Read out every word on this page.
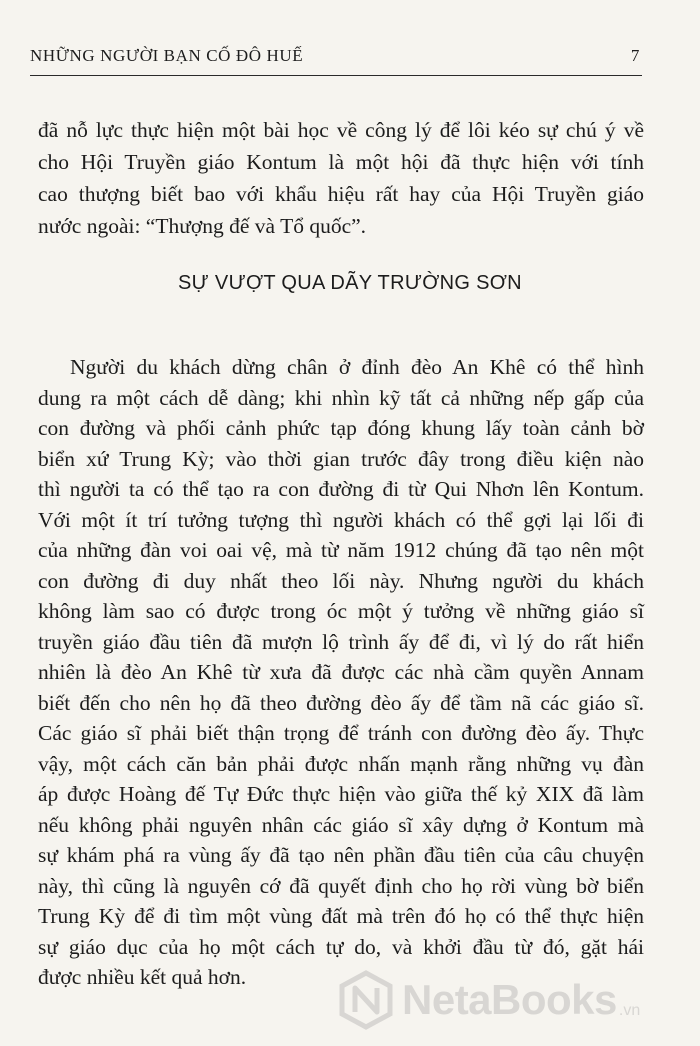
NHỮNG NGƯỜI BẠN CỐ ĐÔ HUẾ	7
đã nỗ lực thực hiện một bài học về công lý để lôi kéo sự chú ý về
cho Hội Truyền giáo Kontum là một hội đã thực hiện với tính
cao thượng biết bao với khẩu hiệu rất hay của Hội Truyền giáo
nước ngoài: “Thượng đế và Tổ quốc”.
SỰ VƯỢT QUA DÃY TRƯỜNG SƠN
Người du khách dừng chân ở đỉnh đèo An Khê có thể hình
dung ra một cách dễ dàng; khi nhìn kỹ tất cả những nếp gấp của
con đường và phối cảnh phức tạp đóng khung lấy toàn cảnh bờ
biển xứ Trung Kỳ; vào thời gian trước đây trong điều kiện nào
thì người ta có thể tạo ra con đường đi từ Qui Nhơn lên Kontum.
Với một ít trí tưởng tượng thì người khách có thể gợi lại lối đi
của những đàn voi oai vệ, mà từ năm 1912 chúng đã tạo nên một
con đường đi duy nhất theo lối này. Nhưng người du khách
không làm sao có được trong óc một ý tưởng về những giáo sĩ
truyền giáo đầu tiên đã mượn lộ trình ấy để đi, vì lý do rất hiển
nhiên là đèo An Khê từ xưa đã được các nhà cầm quyền Annam
biết đến cho nên họ đã theo đường đèo ấy để tầm nã các giáo sĩ.
Các giáo sĩ phải biết thận trọng để tránh con đường đèo ấy. Thực
vậy, một cách căn bản phải được nhấn mạnh rằng những vụ đàn
áp được Hoàng đế Tự Đức thực hiện vào giữa thế kỷ XIX đã làm
nếu không phải nguyên nhân các giáo sĩ xây dựng ở Kontum mà
sự khám phá ra vùng ấy đã tạo nên phần đầu tiên của câu chuyện
này, thì cũng là nguyên cớ đã quyết định cho họ rời vùng bờ biển
Trung Kỳ để đi tìm một vùng đất mà trên đó họ có thể thực hiện
sự giáo dục của họ một cách tự do, và khởi đầu từ đó, gặt hái
được nhiều kết quả hơn.	NetaBooks .vn
